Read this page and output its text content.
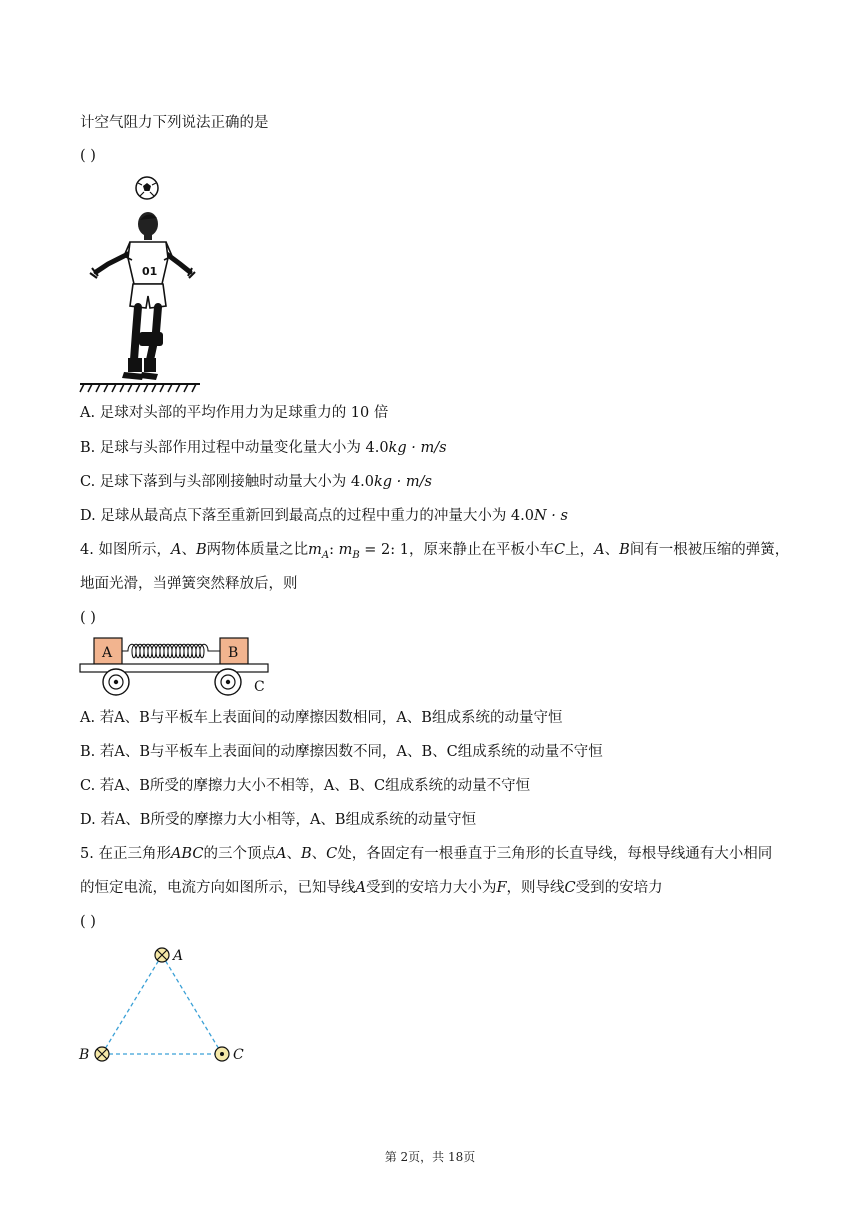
计空气阻力下列说法正确的是
( )
01
A. 足球对头部的平均作用力为足球重力的 10 倍
B. 足球与头部作用过程中动量变化量大小为 4.0kg · m/s
C. 足球下落到与头部刚接触时动量大小为 4.0kg · m/s
D. 足球从最高点下落至重新回到最高点的过程中重力的冲量大小为 4.0N · s
4. 如图所示，A、B两物体质量之比$m_A$: $m_B = 2$: 1，原来静止在平板小车C上，A、B间有一根被压缩的弹簧，
地面光滑，当弹簧突然释放后，则
( )
A	B
C
A. 若A、B与平板车上表面间的动摩擦因数相同，A、B组成系统的动量守恒
B. 若A、B与平板车上表面间的动摩擦因数不同，A、B、C组成系统的动量不守恒
C. 若A、B所受的摩擦力大小不相等，A、B、C组成系统的动量不守恒
D. 若A、B所受的摩擦力大小相等，A、B组成系统的动量守恒
5. 在正三角形ABC的三个顶点A、B、C处，各固定有一根垂直于三角形的长直导线，每根导线通有大小相同
的恒定电流，电流方向如图所示，已知导线A受到的安培力大小为F，则导线C受到的安培力
( )
A
B	C
第 2页，共 18页
